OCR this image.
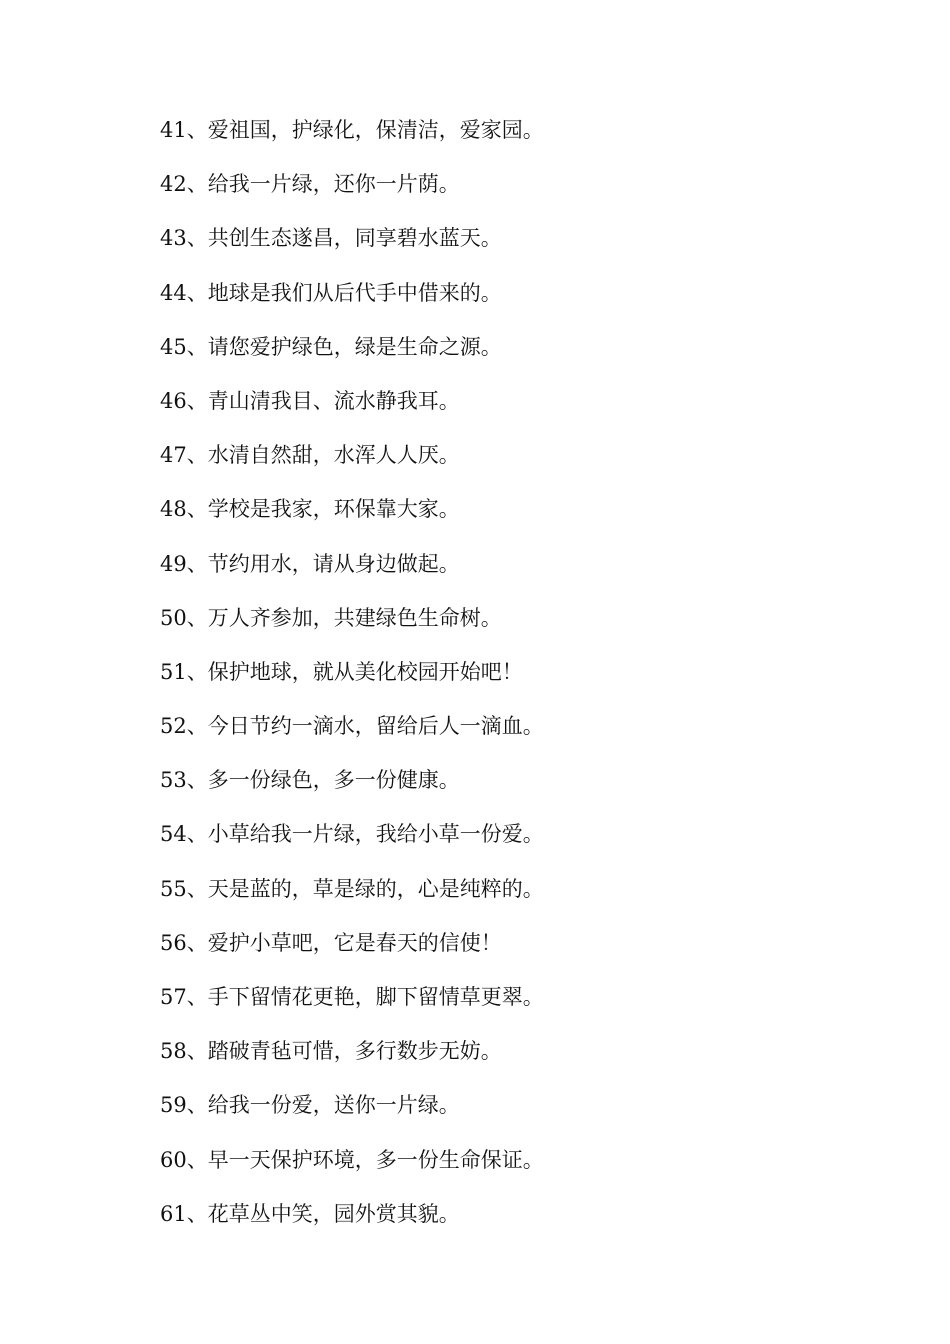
41、爱祖国，护绿化，保清洁，爱家园。
42、给我一片绿，还你一片荫。
43、共创生态遂昌，同享碧水蓝天。
44、地球是我们从后代手中借来的。
45、请您爱护绿色，绿是生命之源。
46、青山清我目、流水静我耳。
47、水清自然甜，水浑人人厌。
48、学校是我家，环保靠大家。
49、节约用水，请从身边做起。
50、万人齐参加，共建绿色生命树。
51、保护地球，就从美化校园开始吧！
52、今日节约一滴水，留给后人一滴血。
53、多一份绿色，多一份健康。
54、小草给我一片绿，我给小草一份爱。
55、天是蓝的，草是绿的，心是纯粹的。
56、爱护小草吧，它是春天的信使！
57、手下留情花更艳，脚下留情草更翠。
58、踏破青毡可惜，多行数步无妨。
59、给我一份爱，送你一片绿。
60、早一天保护环境，多一份生命保证。
61、花草丛中笑，园外赏其貌。
